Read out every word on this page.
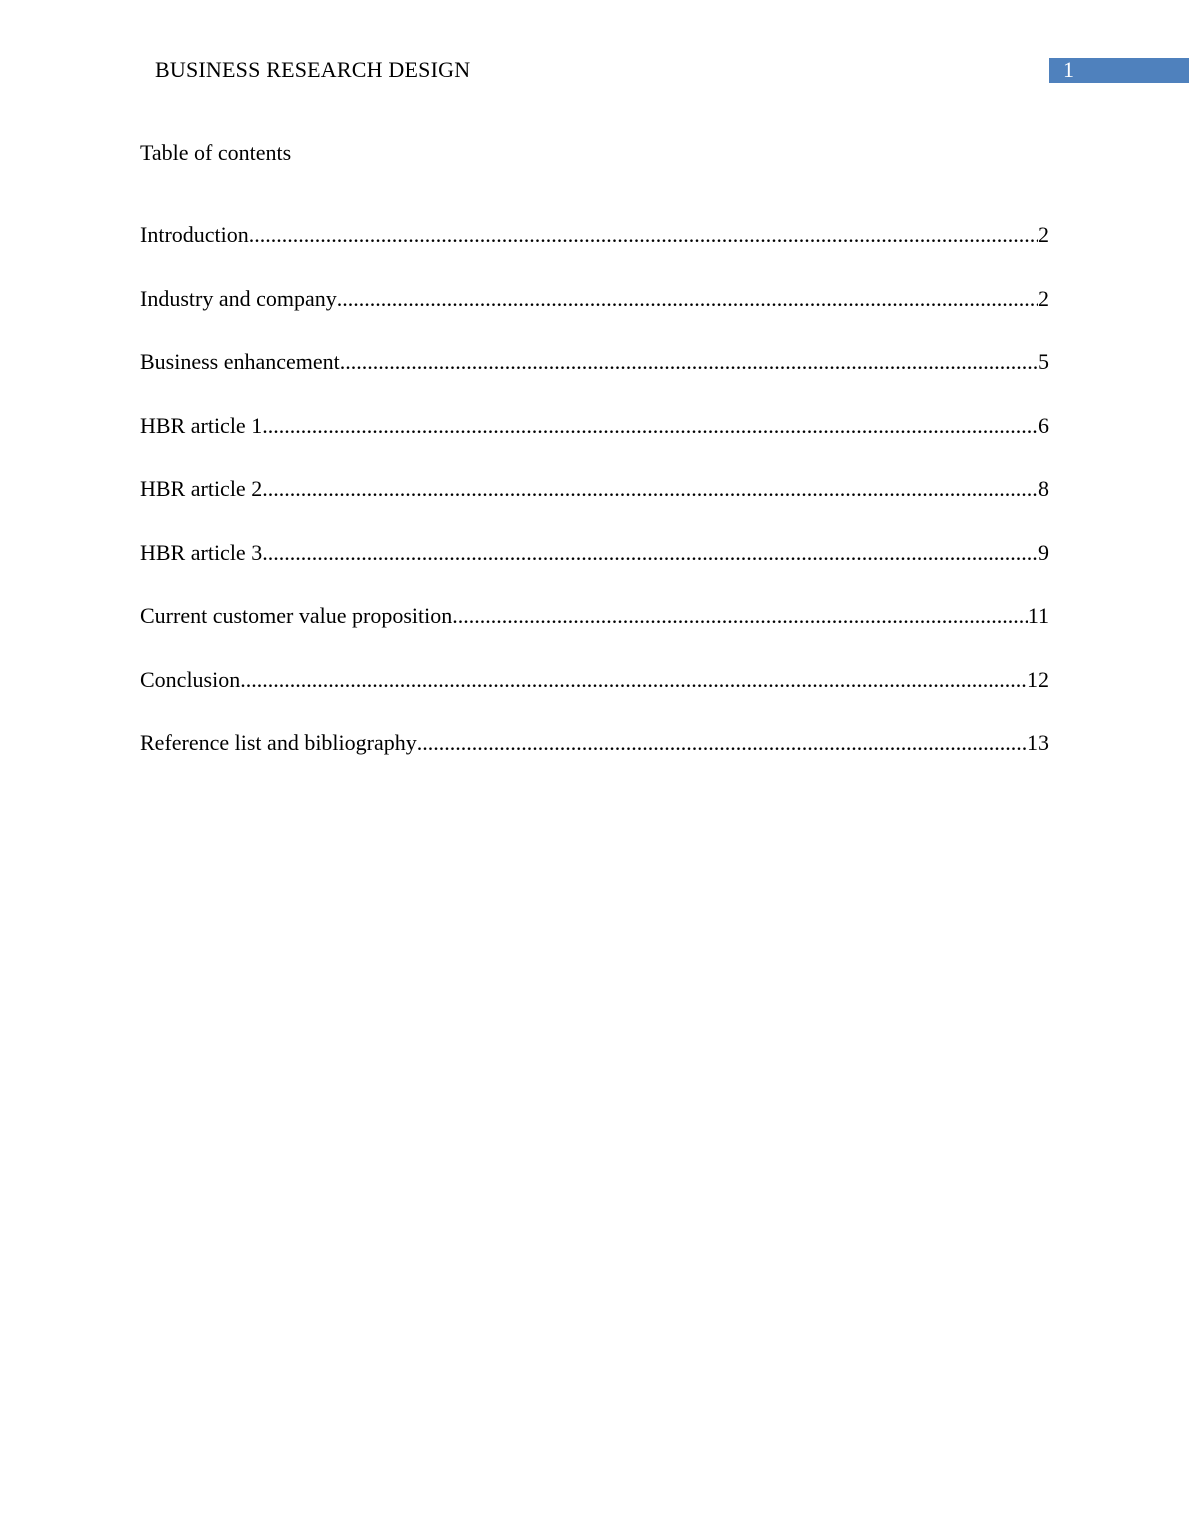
BUSINESS RESEARCH DESIGN	1
Table of contents
Introduction .....	2
Industry and company .....	2
Business enhancement .....	5
HBR article 1 .....	6
HBR article 2 .....	8
HBR article 3 .....	9
Current customer value proposition .....	11
Conclusion .....	12
Reference list and bibliography .....	13
